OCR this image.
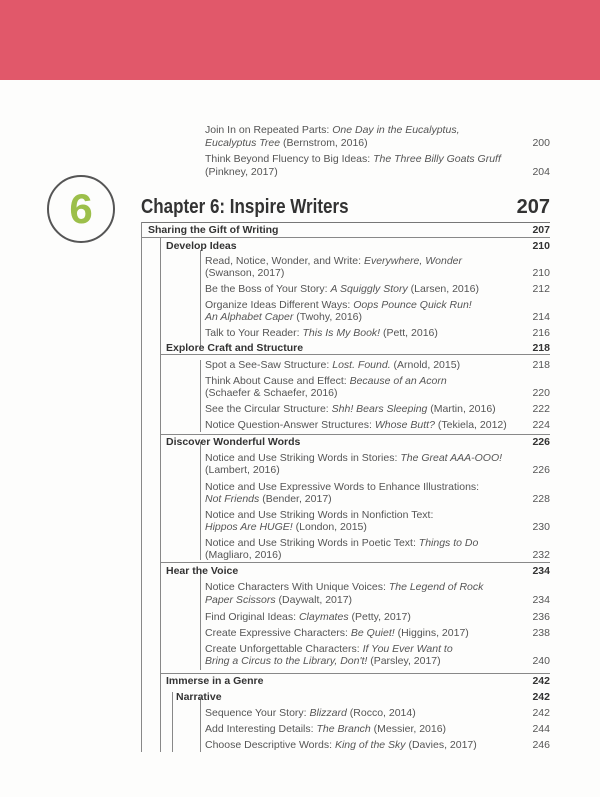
Join In on Repeated Parts: One Day in the Eucalyptus,
Eucalyptus Tree (Bernstrom, 2016)	200
Think Beyond Fluency to Big Ideas: The Three Billy Goats Gruff
(Pinkney, 2017)	204
6 Chapter 6: Inspire Writers	207
Sharing the Gift of Writing	207
Develop Ideas	210
Read, Notice, Wonder, and Write: Everywhere, Wonder
(Swanson, 2017)	210
Be the Boss of Your Story: A Squiggly Story (Larsen, 2016)	212
Organize Ideas Different Ways: Oops Pounce Quick Run!
An Alphabet Caper (Twohy, 2016)	214
Talk to Your Reader: This Is My Book! (Pett, 2016)	216
Explore Craft and Structure	218
Spot a See-Saw Structure: Lost. Found. (Arnold, 2015)	218
Think About Cause and Effect: Because of an Acorn
(Schaefer & Schaefer, 2016)	220
See the Circular Structure: Shh! Bears Sleeping (Martin, 2016)	222
Notice Question-Answer Structures: Whose Butt? (Tekiela, 2012) 224
Discover Wonderful Words	226
Notice and Use Striking Words in Stories: The Great AAA-OOO!
(Lambert, 2016)	226
Notice and Use Expressive Words to Enhance Illustrations:
Not Friends (Bender, 2017)	228
Notice and Use Striking Words in Nonfiction Text:
Hippos Are HUGE! (London, 2015)	230
Notice and Use Striking Words in Poetic Text: Things to Do
(Magliaro, 2016)	232
Hear the Voice	234
Notice Characters With Unique Voices: The Legend of Rock
Paper Scissors (Daywalt, 2017)	234
Find Original Ideas: Claymates (Petty, 2017)	236
Create Expressive Characters: Be Quiet! (Higgins, 2017)	238
Create Unforgettable Characters: If You Ever Want to
Bring a Circus to the Library, Don't! (Parsley, 2017)	240
Immerse in a Genre	242
Narrative	242
Sequence Your Story: Blizzard (Rocco, 2014)	242
Add Interesting Details: The Branch (Messier, 2016)	244
Choose Descriptive Words: King of the Sky (Davies, 2017)	246
